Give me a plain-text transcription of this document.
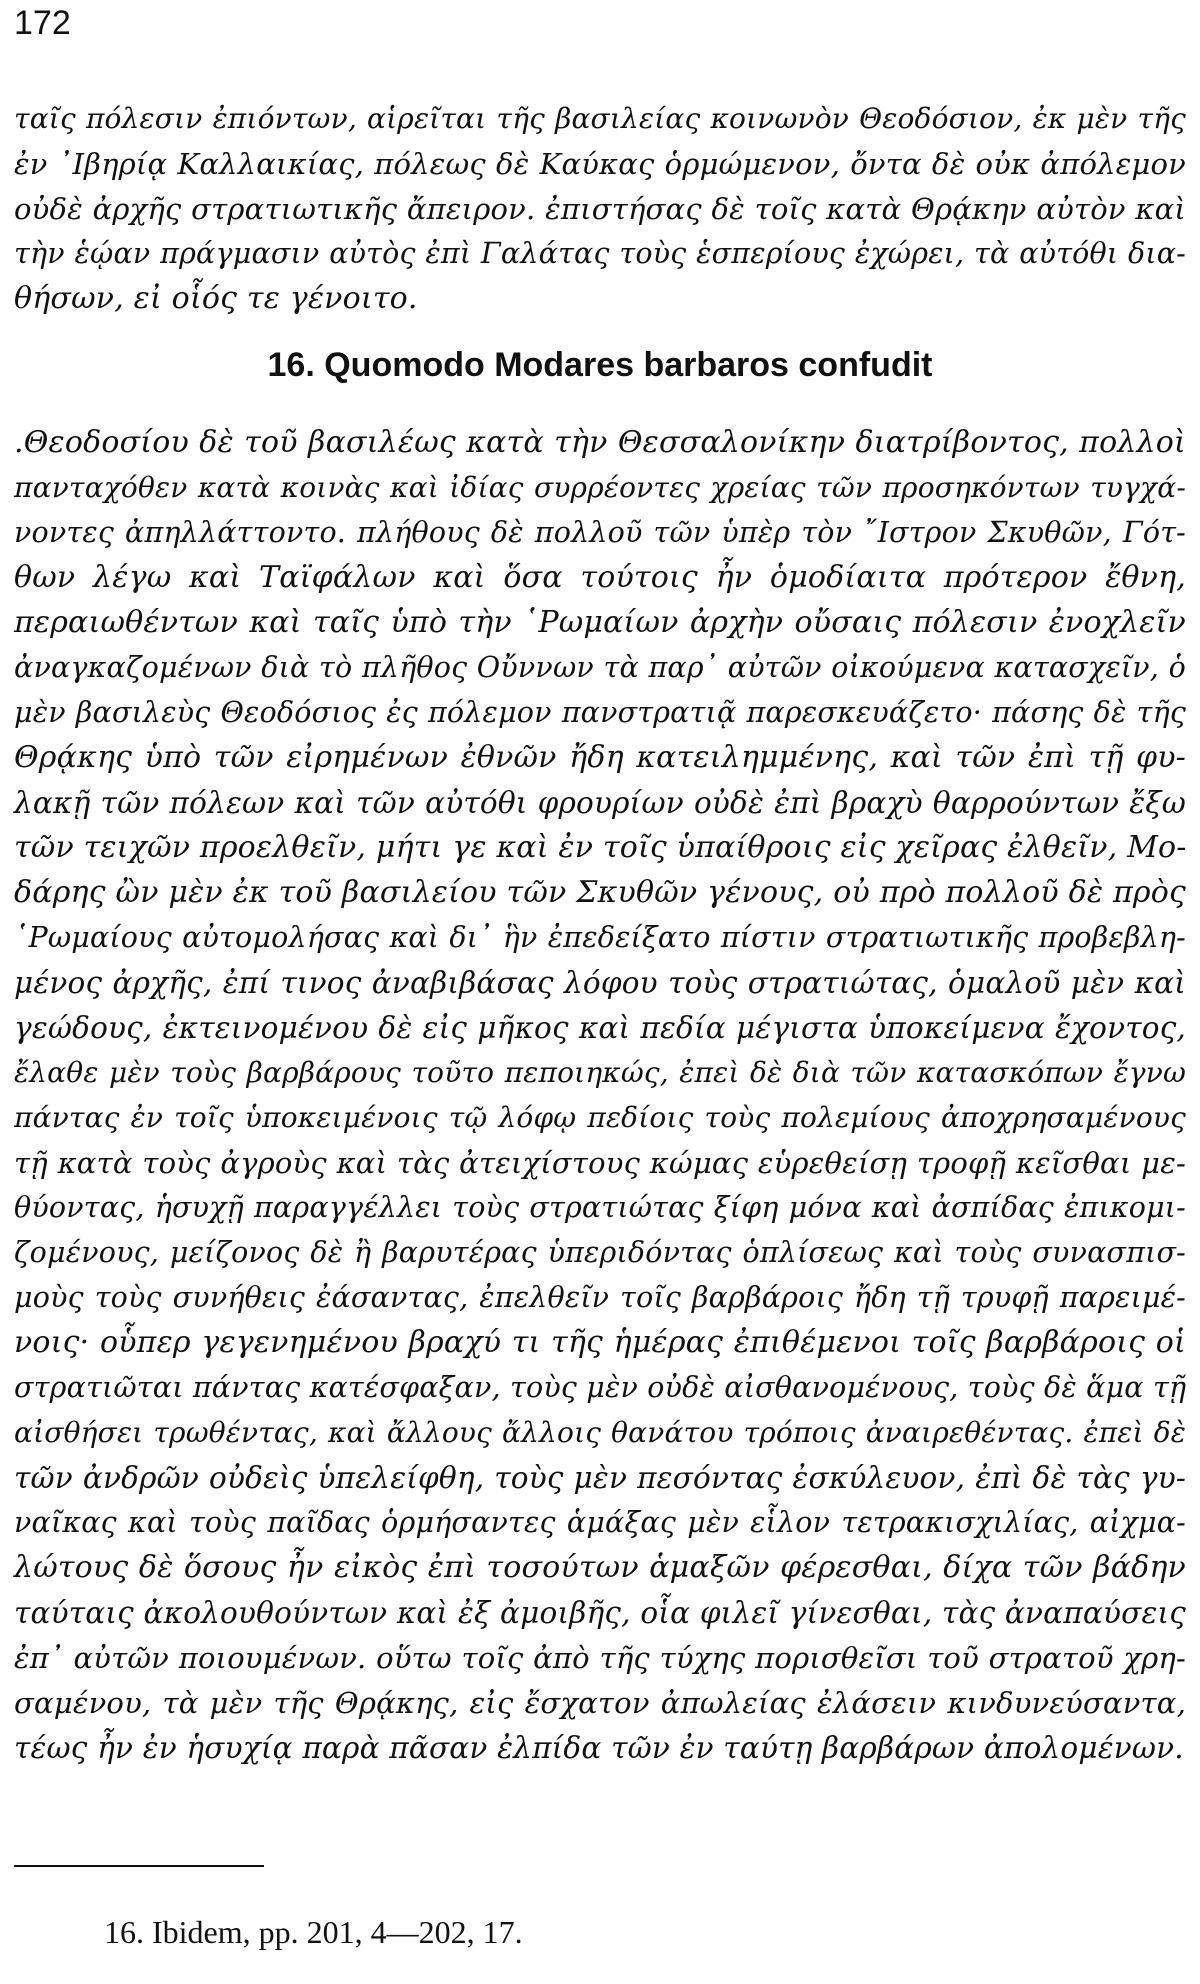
172
ταῖς πόλεσιν ἐπιόντων, αἱρεῖται τῆς βασιλείας κοινωνὸν Θεοδόσιον, ἐκ μὲν τῆς
ἐν ᾿Ιβηρίᾳ Καλλαικίας, πόλεως δὲ Καύκας ὁρμώμενον, ὄντα δὲ οὐκ ἀπόλεμον
οὐδὲ ἀρχῆς στρατιωτικῆς ἄπειρον. ἐπιστήσας δὲ τοῖς κατὰ Θρᾴκην αὐτὸν καὶ
τὴν ἑῴαν πράγμασιν αὐτὸς ἐπὶ Γαλάτας τοὺς ἑσπερίους ἐχώρει, τὰ αὐτόθι δια-
θήσων, εἰ οἷός τε γένοιτο.
16. Quomodo Modares barbaros confudit
.Θεοδοσίου δὲ τοῦ βασιλέως κατὰ τὴν Θεσσαλονίκην διατρίβοντος, πολλοὶ
πανταχόθεν κατὰ κοινὰς καὶ ἰδίας συρρέοντες χρείας τῶν προσηκόντων τυγχά-
νοντες ἀπηλλάττοντο. πλήθους δὲ πολλοῦ τῶν ὑπὲρ τὸν ῎Ιστρον Σκυθῶν, Γότ-
θων λέγω καὶ Ταϊφάλων καὶ ὅσα τούτοις ἦν ὁμοδίαιτα πρότερον ἔθνη,
περαιωθέντων καὶ ταῖς ὑπὸ τὴν ῾Ρωμαίων ἀρχὴν οὔσαις πόλεσιν ἐνοχλεῖν
ἀναγκαζομένων διὰ τὸ πλῆθος Οὔννων τὰ παρ᾿ αὐτῶν οἰκούμενα κατασχεῖν, ὁ
μὲν βασιλεὺς Θεοδόσιος ἐς πόλεμον πανστρατιᾷ παρεσκευάζετο· πάσης δὲ τῆς
Θρᾴκης ὑπὸ τῶν εἰρημένων ἐθνῶν ἤδη κατειλημμένης, καὶ τῶν ἐπὶ τῇ φυ-
λακῇ τῶν πόλεων καὶ τῶν αὐτόθι φρουρίων οὐδὲ ἐπὶ βραχὺ θαρρούντων ἔξω
τῶν τειχῶν προελθεῖν, μήτι γε καὶ ἐν τοῖς ὑπαίθροις εἰς χεῖρας ἐλθεῖν, Μο-
δάρης ὢν μὲν ἐκ τοῦ βασιλείου τῶν Σκυθῶν γένους, οὐ πρὸ πολλοῦ δὲ πρὸς
῾Ρωμαίους αὐτομολήσας καὶ δι᾿ ἣν ἐπεδείξατο πίστιν στρατιωτικῆς προβεβλη-
μένος ἀρχῆς, ἐπί τινος ἀναβιβάσας λόφου τοὺς στρατιώτας, ὁμαλοῦ μὲν καὶ
γεώδους, ἐκτεινομένου δὲ εἰς μῆκος καὶ πεδία μέγιστα ὑποκείμενα ἔχοντος,
ἔλαθε μὲν τοὺς βαρβάρους τοῦτο πεποιηκώς, ἐπεὶ δὲ διὰ τῶν κατασκόπων ἔγνω
πάντας ἐν τοῖς ὑποκειμένοις τῷ λόφῳ πεδίοις τοὺς πολεμίους ἀποχρησαμένους
τῇ κατὰ τοὺς ἀγροὺς καὶ τὰς ἀτειχίστους κώμας εὑρεθείσῃ τροφῇ κεῖσθαι με-
θύοντας, ἡσυχῇ παραγγέλλει τοὺς στρατιώτας ξίφη μόνα καὶ ἀσπίδας ἐπικομι-
ζομένους, μείζονος δὲ ἢ βαρυτέρας ὑπεριδόντας ὁπλίσεως καὶ τοὺς συνασπισ-
μοὺς τοὺς συνήθεις ἐάσαντας, ἐπελθεῖν τοῖς βαρβάροις ἤδη τῇ τρυφῇ παρειμέ-
νοις· οὗπερ γεγενημένου βραχύ τι τῆς ἡμέρας ἐπιθέμενοι τοῖς βαρβάροις οἱ
στρατιῶται πάντας κατέσφαξαν, τοὺς μὲν οὐδὲ αἰσθανομένους, τοὺς δὲ ἅμα τῇ
αἰσθήσει τρωθέντας, καὶ ἄλλους ἄλλοις θανάτου τρόποις ἀναιρεθέντας. ἐπεὶ δὲ
τῶν ἀνδρῶν οὐδεὶς ὑπελείφθη, τοὺς μὲν πεσόντας ἐσκύλευον, ἐπὶ δὲ τὰς γυ-
ναῖκας καὶ τοὺς παῖδας ὁρμήσαντες ἁμάξας μὲν εἷλον τετρακισχιλίας, αἰχμα-
λώτους δὲ ὅσους ἦν εἰκὸς ἐπὶ τοσούτων ἁμαξῶν φέρεσθαι, δίχα τῶν βάδην
ταύταις ἀκολουθούντων καὶ ἐξ ἀμοιβῆς, οἷα φιλεῖ γίνεσθαι, τὰς ἀναπαύσεις
ἐπ᾿ αὐτῶν ποιουμένων. οὕτω τοῖς ἀπὸ τῆς τύχης πορισθεῖσι τοῦ στρατοῦ χρη-
σαμένου, τὰ μὲν τῆς Θρᾴκης, εἰς ἔσχατον ἀπωλείας ἐλάσειν κινδυνεύσαντα,
τέως ἦν ἐν ἡσυχίᾳ παρὰ πᾶσαν ἐλπίδα τῶν ἐν ταύτῃ βαρβάρων ἀπολομένων.
16. Ibidem, pp. 201, 4—202, 17.
